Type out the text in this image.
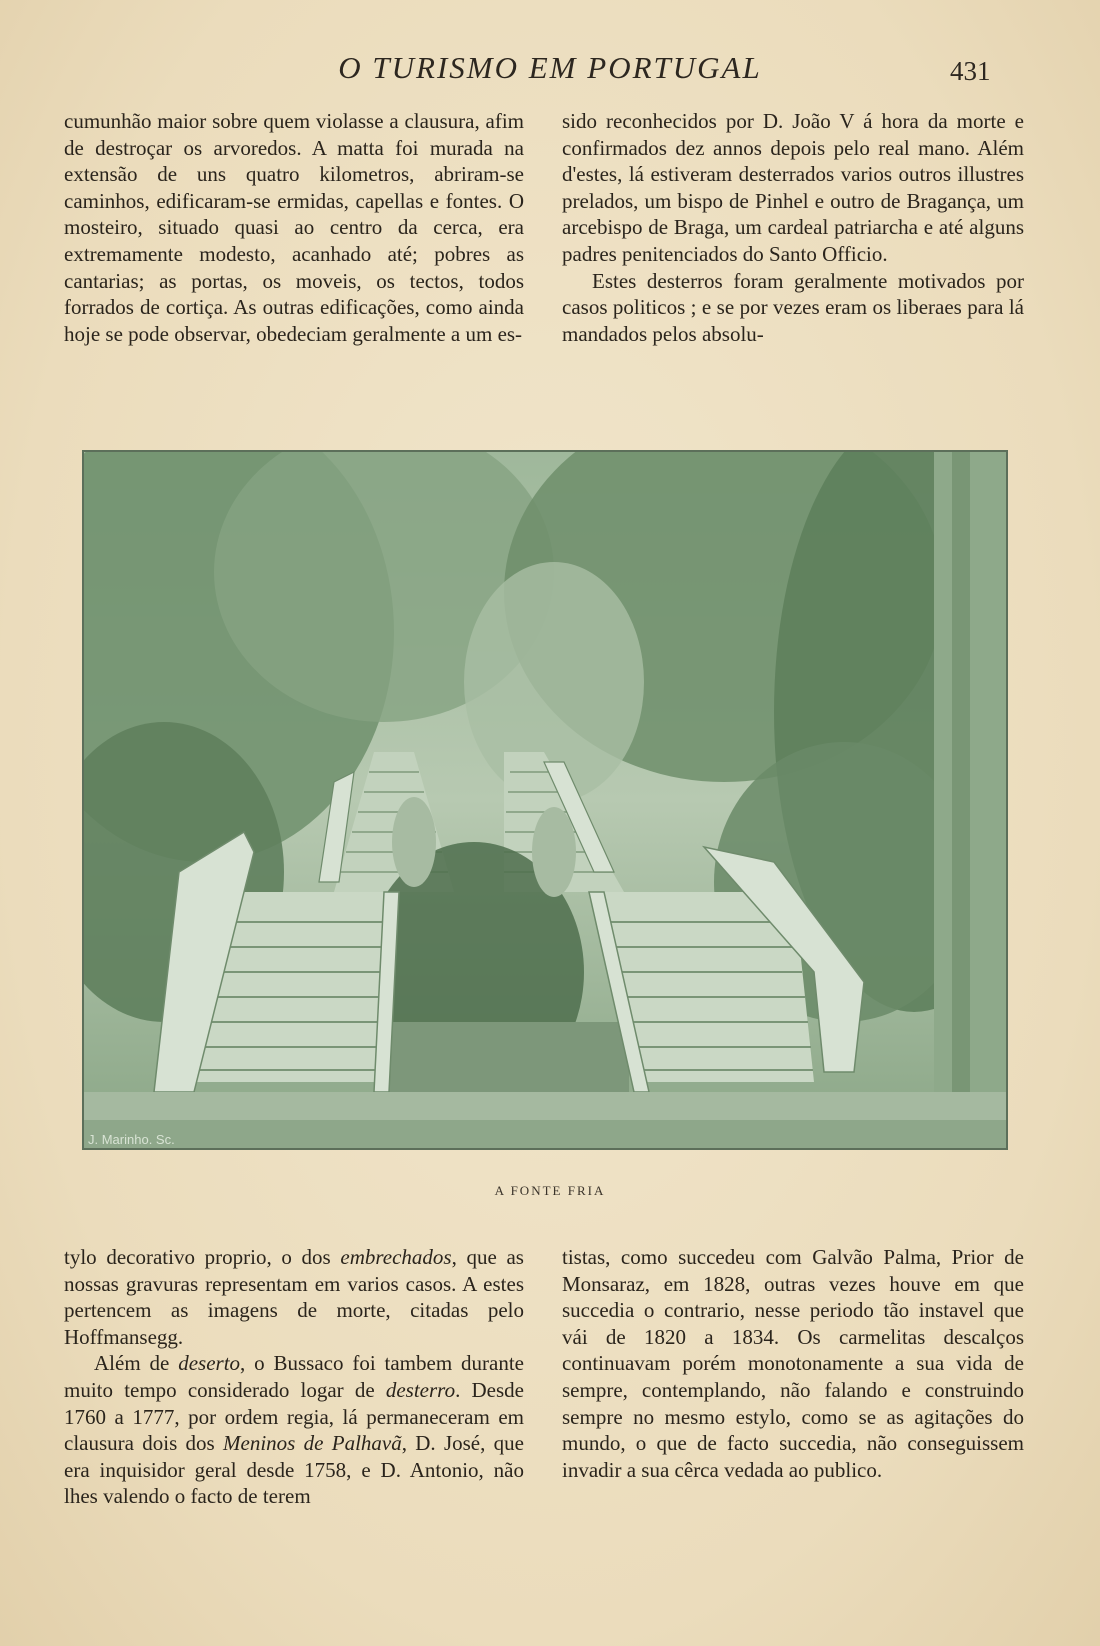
O TURISMO EM PORTUGAL	431

cumunhão maior sobre quem violasse a clausura, afim de destroçar os arvoredos. A matta foi murada na extensão de uns quatro kilometros, abriram-se caminhos, edificaram-se ermidas, capellas e fontes. O mosteiro, situado quasi ao centro da cerca, era extremamente modesto, acanhado até; pobres as cantarias; as portas, os moveis, os tectos, todos forrados de cortiça. As outras edificações, como ainda hoje se pode observar, obedeciam geralmente a um es-

sido reconhecidos por D. João V á hora da morte e confirmados dez annos depois pelo real mano. Além d'estes, lá estiveram desterrados varios outros illustres prelados, um bispo de Pinhel e outro de Bragança, um arcebispo de Braga, um cardeal patriarcha e até alguns padres penitenciados do Santo Officio.

Estes desterros foram geralmente motivados por casos politicos ; e se por vezes eram os liberaes para lá mandados pelos absolu-

J. Marinho. Sc.
A FONTE FRIA

tylo decorativo proprio, o dos embrechados, que as nossas gravuras representam em varios casos. A estes pertencem as imagens de morte, citadas pelo Hoffmansegg.

Além de deserto, o Bussaco foi tambem durante muito tempo considerado logar de desterro. Desde 1760 a 1777, por ordem regia, lá permaneceram em clausura dois dos Meninos de Palhavã, D. José, que era inquisidor geral desde 1758, e D. Antonio, não lhes valendo o facto de terem

tistas, como succedeu com Galvão Palma, Prior de Monsaraz, em 1828, outras vezes houve em que succedia o contrario, nesse periodo tão instavel que vái de 1820 a 1834. Os carmelitas descalços continuavam porém monotonamente a sua vida de sempre, contemplando, não falando e construindo sempre no mesmo estylo, como se as agitações do mundo, o que de facto succedia, não conseguissem invadir a sua cêrca vedada ao publico.
